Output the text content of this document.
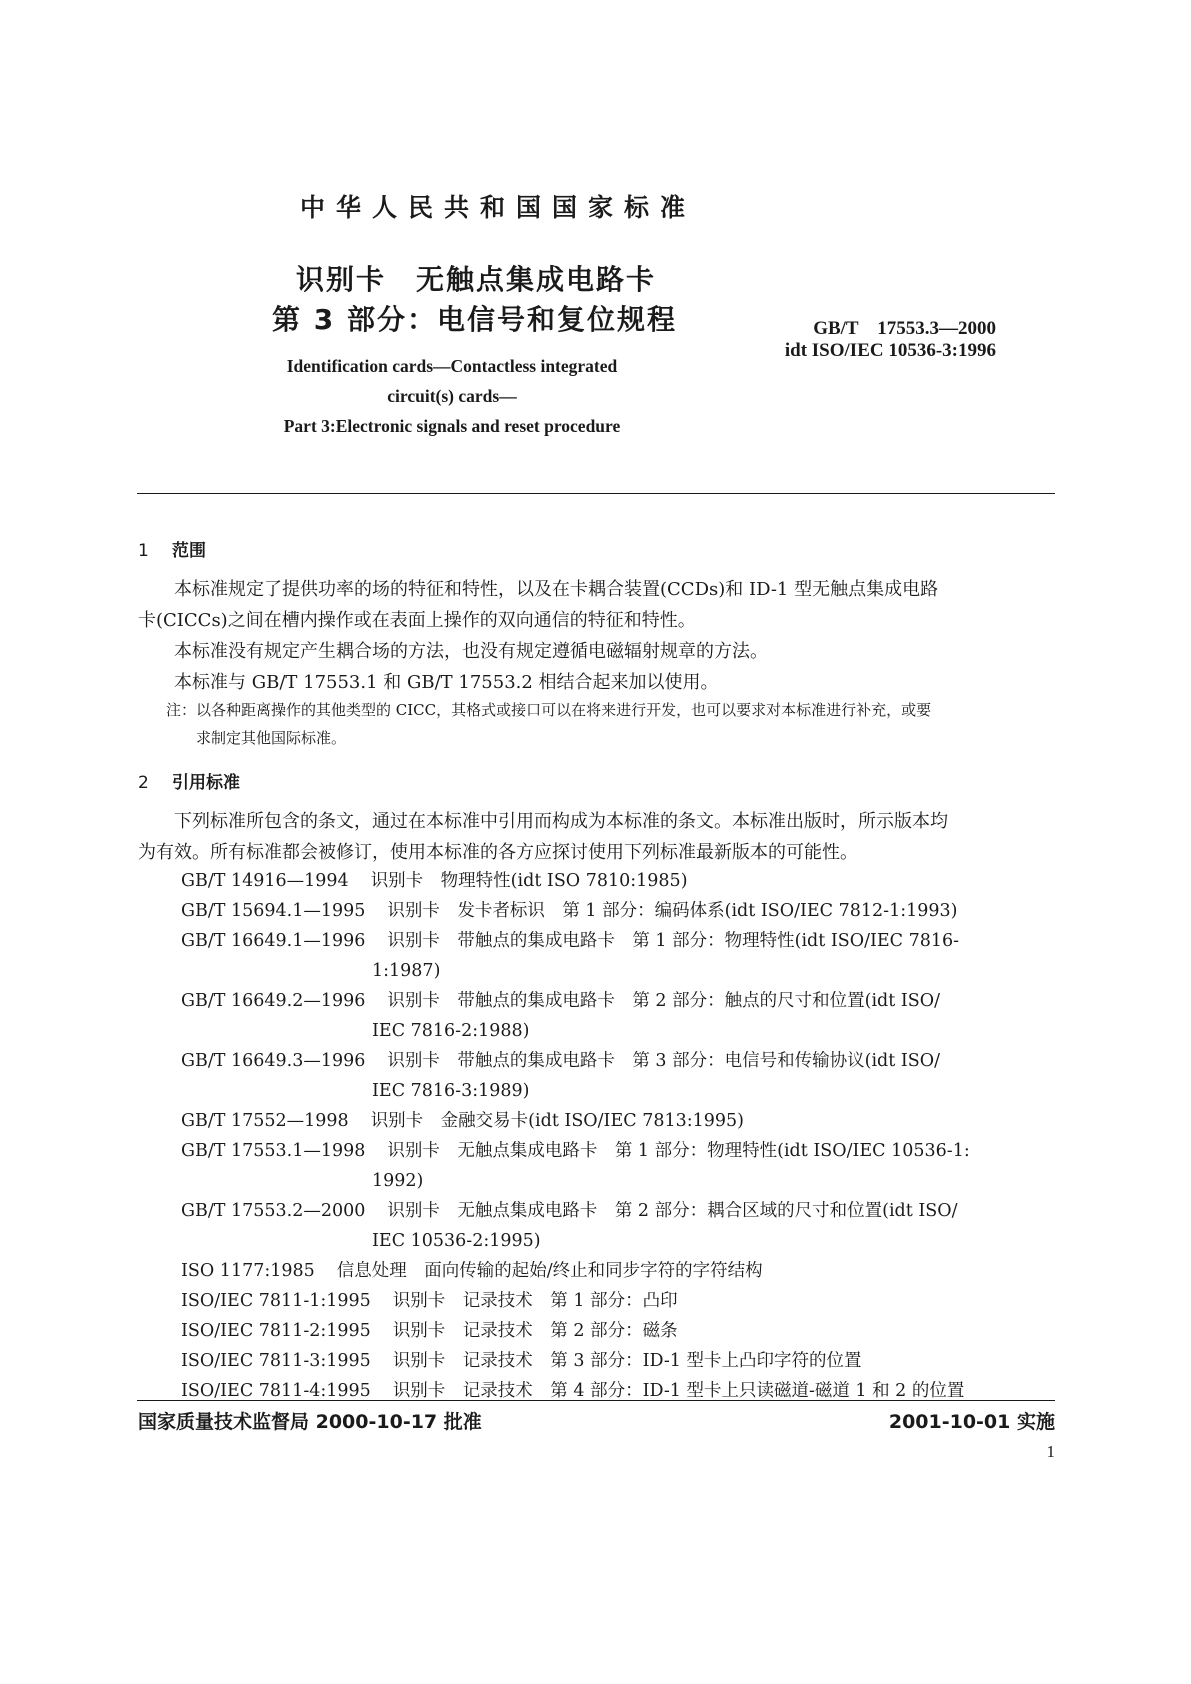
中华人民共和国国家标准
识别卡　无触点集成电路卡
第 3 部分：电信号和复位规程	GB/T　17553.3—2000
idt ISO/IEC 10536-3:1996
Identification cards—Contactless integrated
circuit(s) cards—
Part 3:Electronic signals and reset procedure
1 范围
本标准规定了提供功率的场的特征和特性，以及在卡耦合装置(CCDs)和 ID-1 型无触点集成电路
卡(CICCs)之间在槽内操作或在表面上操作的双向通信的特征和特性。
本标准没有规定产生耦合场的方法，也没有规定遵循电磁辐射规章的方法。
本标准与 GB/T 17553.1 和 GB/T 17553.2 相结合起来加以使用。
注：以各种距离操作的其他类型的 CICC，其格式或接口可以在将来进行开发，也可以要求对本标准进行补充，或要
求制定其他国际标准。
2 引用标准
下列标准所包含的条文，通过在本标准中引用而构成为本标准的条文。本标准出版时，所示版本均
为有效。所有标准都会被修订，使用本标准的各方应探讨使用下列标准最新版本的可能性。
GB/T 14916—1994 识别卡　物理特性(idt ISO 7810:1985)
GB/T 15694.1—1995 识别卡　发卡者标识　第 1 部分：编码体系(idt ISO/IEC 7812-1:1993)
GB/T 16649.1—1996 识别卡　带触点的集成电路卡　第 1 部分：物理特性(idt ISO/IEC 7816-
1:1987)
GB/T 16649.2—1996 识别卡　带触点的集成电路卡　第 2 部分：触点的尺寸和位置(idt ISO/
IEC 7816-2:1988)
GB/T 16649.3—1996 识别卡　带触点的集成电路卡　第 3 部分：电信号和传输协议(idt ISO/
IEC 7816-3:1989)
GB/T 17552—1998 识别卡　金融交易卡(idt ISO/IEC 7813:1995)
GB/T 17553.1—1998 识别卡　无触点集成电路卡　第 1 部分：物理特性(idt ISO/IEC 10536-1:
1992)
GB/T 17553.2—2000 识别卡　无触点集成电路卡　第 2 部分：耦合区域的尺寸和位置(idt ISO/
IEC 10536-2:1995)
ISO 1177:1985 信息处理　面向传输的起始/终止和同步字符的字符结构
ISO/IEC 7811-1:1995 识别卡　记录技术　第 1 部分：凸印
ISO/IEC 7811-2:1995 识别卡　记录技术　第 2 部分：磁条
ISO/IEC 7811-3:1995 识别卡　记录技术　第 3 部分：ID-1 型卡上凸印字符的位置
ISO/IEC 7811-4:1995 识别卡　记录技术　第 4 部分：ID-1 型卡上只读磁道-磁道 1 和 2 的位置
国家质量技术监督局 2000-10-17 批准	2001-10-01 实施
1
